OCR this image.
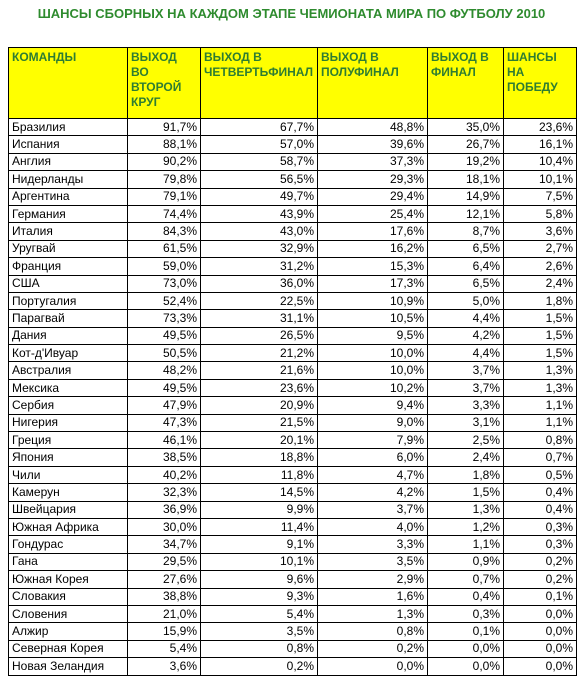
ШАНСЫ СБОРНЫХ НА КАЖДОМ ЭТАПЕ ЧЕМИОНАТА МИРА ПО ФУТБОЛУ 2010
КОМАНДЫ	ВЫХОД ВО ВТОРОЙ КРУГ	ВЫХОД В ЧЕТВЕРТЬФИНАЛ	ВЫХОД В ПОЛУФИНАЛ	ВЫХОД В ФИНАЛ	ШАНСЫ НА ПОБЕДУ
Бразилия	91,7%	67,7%	48,8%	35,0%	23,6%
Испания	88,1%	57,0%	39,6%	26,7%	16,1%
Англия	90,2%	58,7%	37,3%	19,2%	10,4%
Нидерланды	79,8%	56,5%	29,3%	18,1%	10,1%
Аргентина	79,1%	49,7%	29,4%	14,9%	7,5%
Германия	74,4%	43,9%	25,4%	12,1%	5,8%
Италия	84,3%	43,0%	17,6%	8,7%	3,6%
Уругвай	61,5%	32,9%	16,2%	6,5%	2,7%
Франция	59,0%	31,2%	15,3%	6,4%	2,6%
США	73,0%	36,0%	17,3%	6,5%	2,4%
Португалия	52,4%	22,5%	10,9%	5,0%	1,8%
Парагвай	73,3%	31,1%	10,5%	4,4%	1,5%
Дания	49,5%	26,5%	9,5%	4,2%	1,5%
Кот-д'Ивуар	50,5%	21,2%	10,0%	4,4%	1,5%
Австралия	48,2%	21,6%	10,0%	3,7%	1,3%
Мексика	49,5%	23,6%	10,2%	3,7%	1,3%
Сербия	47,9%	20,9%	9,4%	3,3%	1,1%
Нигерия	47,3%	21,5%	9,0%	3,1%	1,1%
Греция	46,1%	20,1%	7,9%	2,5%	0,8%
Япония	38,5%	18,8%	6,0%	2,4%	0,7%
Чили	40,2%	11,8%	4,7%	1,8%	0,5%
Камерун	32,3%	14,5%	4,2%	1,5%	0,4%
Швейцария	36,9%	9,9%	3,7%	1,3%	0,4%
Южная Африка	30,0%	11,4%	4,0%	1,2%	0,3%
Гондурас	34,7%	9,1%	3,3%	1,1%	0,3%
Гана	29,5%	10,1%	3,5%	0,9%	0,2%
Южная Корея	27,6%	9,6%	2,9%	0,7%	0,2%
Словакия	38,8%	9,3%	1,6%	0,4%	0,1%
Словения	21,0%	5,4%	1,3%	0,3%	0,0%
Алжир	15,9%	3,5%	0,8%	0,1%	0,0%
Северная Корея	5,4%	0,8%	0,2%	0,0%	0,0%
Новая Зеландия	3,6%	0,2%	0,0%	0,0%	0,0%
